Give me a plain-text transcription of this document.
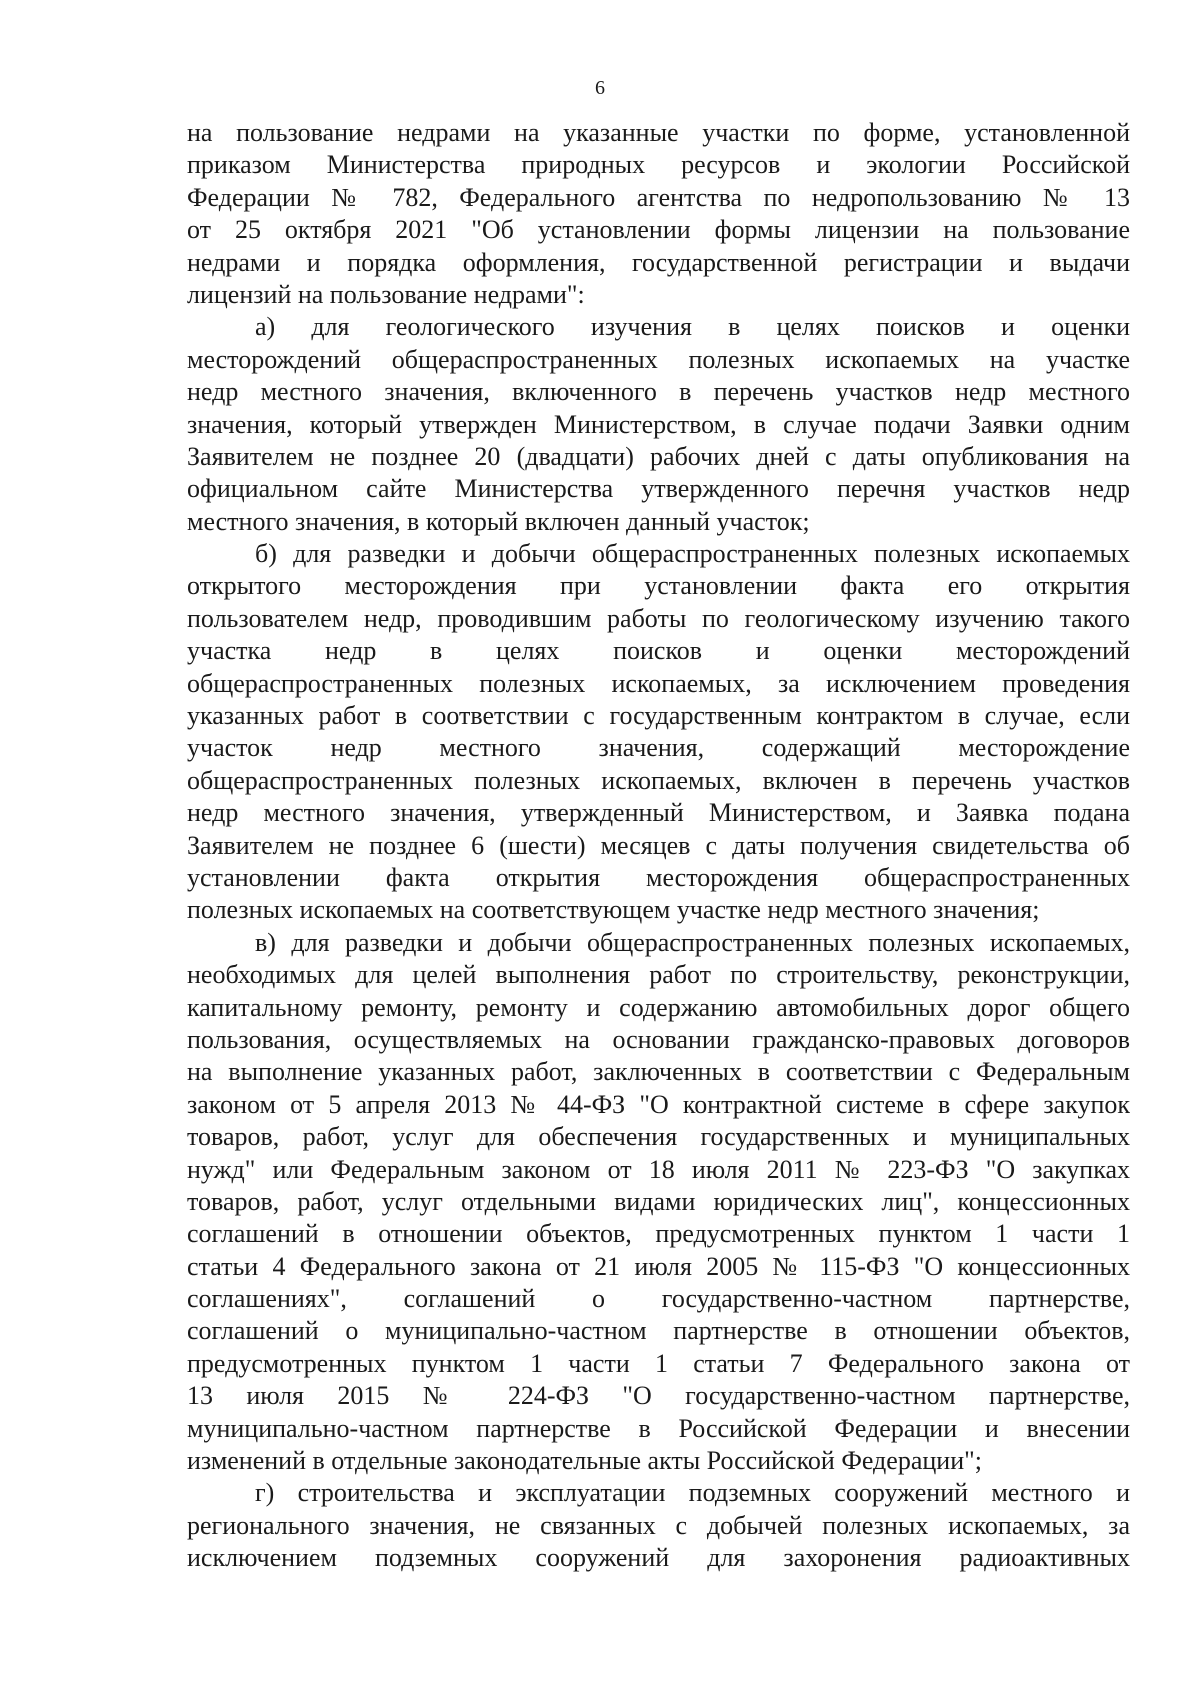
6
на пользование недрами на указанные участки по форме, установленной
приказом Министерства природных ресурсов и экологии Российской
Федерации № 782, Федерального агентства по недропользованию № 13
от 25 октября 2021 "Об установлении формы лицензии на пользование
недрами и порядка оформления, государственной регистрации и выдачи
лицензий на пользование недрами":
а) для геологического изучения в целях поисков и оценки
месторождений общераспространенных полезных ископаемых на участке
недр местного значения, включенного в перечень участков недр местного
значения, который утвержден Министерством, в случае подачи Заявки одним
Заявителем не позднее 20 (двадцати) рабочих дней с даты опубликования на
официальном сайте Министерства утвержденного перечня участков недр
местного значения, в который включен данный участок;
б) для разведки и добычи общераспространенных полезных ископаемых
открытого месторождения при установлении факта его открытия
пользователем недр, проводившим работы по геологическому изучению такого
участка недр в целях поисков и оценки месторождений
общераспространенных полезных ископаемых, за исключением проведения
указанных работ в соответствии с государственным контрактом в случае, если
участок недр местного значения, содержащий месторождение
общераспространенных полезных ископаемых, включен в перечень участков
недр местного значения, утвержденный Министерством, и Заявка подана
Заявителем не позднее 6 (шести) месяцев с даты получения свидетельства об
установлении факта открытия месторождения общераспространенных
полезных ископаемых на соответствующем участке недр местного значения;
в) для разведки и добычи общераспространенных полезных ископаемых,
необходимых для целей выполнения работ по строительству, реконструкции,
капитальному ремонту, ремонту и содержанию автомобильных дорог общего
пользования, осуществляемых на основании гражданско-правовых договоров
на выполнение указанных работ, заключенных в соответствии с Федеральным
законом от 5 апреля 2013 № 44-ФЗ "О контрактной системе в сфере закупок
товаров, работ, услуг для обеспечения государственных и муниципальных
нужд" или Федеральным законом от 18 июля 2011 № 223-ФЗ "О закупках
товаров, работ, услуг отдельными видами юридических лиц", концессионных
соглашений в отношении объектов, предусмотренных пунктом 1 части 1
статьи 4 Федерального закона от 21 июля 2005 № 115-ФЗ "О концессионных
соглашениях", соглашений о государственно-частном партнерстве,
соглашений о муниципально-частном партнерстве в отношении объектов,
предусмотренных пунктом 1 части 1 статьи 7 Федерального закона от
13 июля 2015 № 224-ФЗ "О государственно-частном партнерстве,
муниципально-частном партнерстве в Российской Федерации и внесении
изменений в отдельные законодательные акты Российской Федерации";
г) строительства и эксплуатации подземных сооружений местного и
регионального значения, не связанных с добычей полезных ископаемых, за
исключением подземных сооружений для захоронения радиоактивных
